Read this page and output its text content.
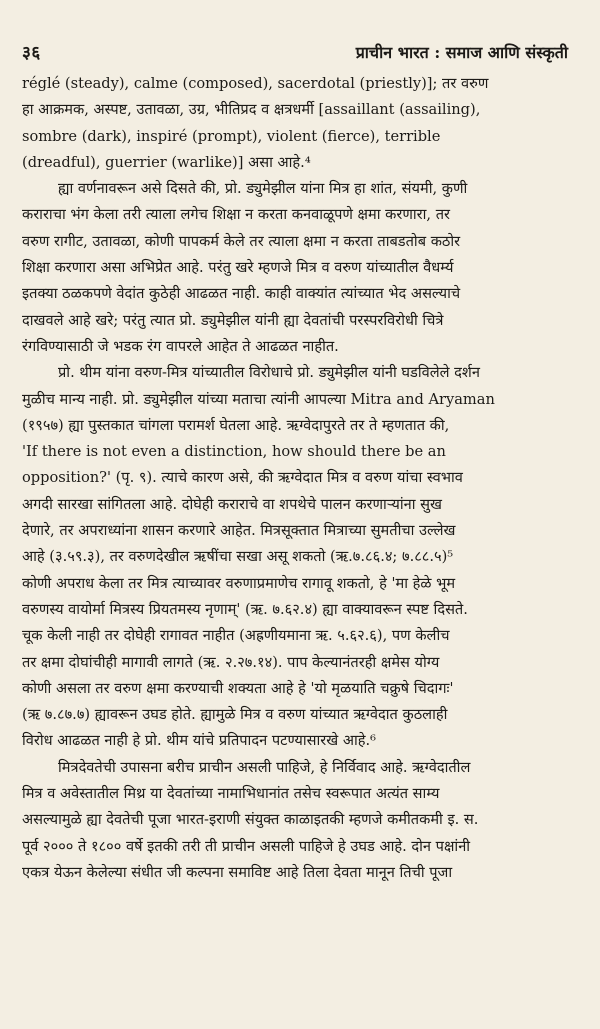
३६	प्राचीन भारत : समाज आणि संस्कृती

réglé (steady), calme (composed), sacerdotal (priestly)]; तर वरुण
हा आक्रमक, अस्पष्ट, उतावळा, उग्र, भीतिप्रद व क्षत्रधर्मी [assaillant (assailing),
sombre (dark), inspiré (prompt), violent (fierce), terrible
(dreadful), guerrier (warlike)] असा आहे.⁴

ह्या वर्णनावरून असे दिसते की, प्रो. ड्युमेझील यांना मित्र हा शांत, संयमी, कुणी
कराराचा भंग केला तरी त्याला लगेच शिक्षा न करता कनवाळूपणे क्षमा करणारा, तर
वरुण रागीट, उतावळा, कोणी पापकर्म केले तर त्याला क्षमा न करता ताबडतोब कठोर
शिक्षा करणारा असा अभिप्रेत आहे. परंतु खरे म्हणजे मित्र व वरुण यांच्यातील वैधर्म्य
इतक्या ठळकपणे वेदांत कुठेही आढळत नाही. काही वाक्यांत त्यांच्यात भेद असल्याचे
दाखवले आहे खरे; परंतु त्यात प्रो. ड्युमेझील यांनी ह्या देवतांची परस्परविरोधी चित्रे
रंगविण्यासाठी जे भडक रंग वापरले आहेत ते आढळत नाहीत.

प्रो. थीम यांना वरुण-मित्र यांच्यातील विरोधाचे प्रो. ड्युमेझील यांनी घडविलेले दर्शन
मुळीच मान्य नाही. प्रो. ड्युमेझील यांच्या मताचा त्यांनी आपल्या Mitra and Aryaman
(१९५७) ह्या पुस्तकात चांगला परामर्श घेतला आहे. ऋग्वेदापुरते तर ते म्हणतात की,
'If there is not even a distinction, how should there be an
opposition?' (पृ. ९). त्याचे कारण असे, की ऋग्वेदात मित्र व वरुण यांचा स्वभाव
अगदी सारखा सांगितला आहे. दोघेही कराराचे वा शपथेचे पालन करणाऱ्यांना सुख
देणारे, तर अपराध्यांना शासन करणारे आहेत. मित्रसूक्तात मित्राच्या सुमतीचा उल्लेख
आहे (३.५९.३), तर वरुणदेखील ऋषींचा सखा असू शकतो (ऋ.७.८६.४; ७.८८.५)⁵
कोणी अपराध केला तर मित्र त्याच्यावर वरुणाप्रमाणेच रागावू शकतो, हे 'मा हेळे भूम
वरुणस्य वायोर्मा मित्रस्य प्रियतमस्य नृणाम्' (ऋ. ७.६२.४) ह्या वाक्यावरून स्पष्ट दिसते.
चूक केली नाही तर दोघेही रागावत नाहीत (अह्रणीयमाना ऋ. ५.६२.६), पण केलीच
तर क्षमा दोघांचीही मागावी लागते (ऋ. २.२७.१४). पाप केल्यानंतरही क्षमेस योग्य
कोणी असला तर वरुण क्षमा करण्याची शक्यता आहे हे 'यो मृळयाति चक्रुषे चिदागः'
(ऋ ७.८७.७) ह्यावरून उघड होते. ह्यामुळे मित्र व वरुण यांच्यात ऋग्वेदात कुठलाही
विरोध आढळत नाही हे प्रो. थीम यांचे प्रतिपादन पटण्यासारखे आहे.⁶

मित्रदेवतेची उपासना बरीच प्राचीन असली पाहिजे, हे निर्विवाद आहे. ऋग्वेदातील
मित्र व अवेस्तातील मिथ्र या देवतांच्या नामाभिधानांत तसेच स्वरूपात अत्यंत साम्य
असल्यामुळे ह्या देवतेची पूजा भारत-इराणी संयुक्त काळाइतकी म्हणजे कमीतकमी इ. स.
पूर्व २००० ते १८०० वर्षे इतकी तरी ती प्राचीन असली पाहिजे हे उघड आहे. दोन पक्षांनी
एकत्र येऊन केलेल्या संधीत जी कल्पना समाविष्ट आहे तिला देवता मानून तिची पूजा
